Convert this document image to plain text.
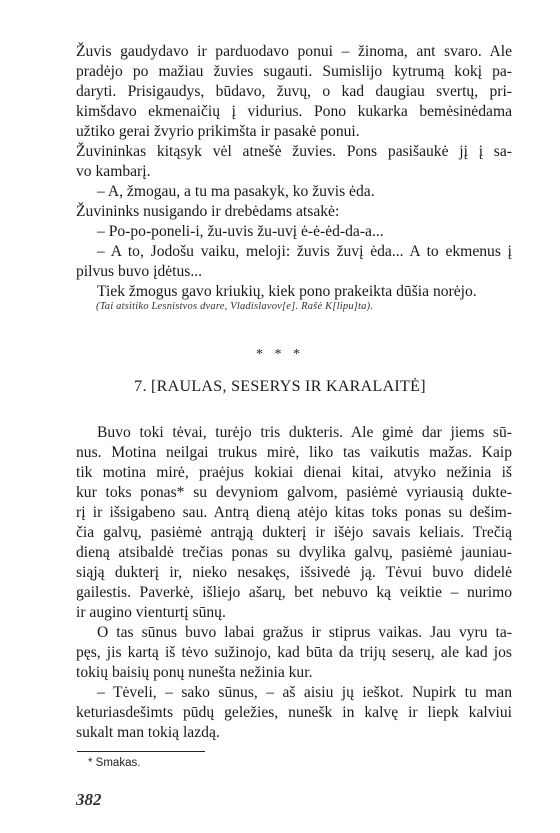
Žuvis gaudydavo ir parduodavo ponui – žinoma, ant svaro. Ale
pradėjo po mažiau žuvies sugauti. Sumislijo kytrumą kokį pa-
daryti. Prisigaudys, būdavo, žuvų, o kad daugiau svertų, pri-
kimšdavo ekmenaičių į vidurius. Pono kukarka bemėsinėdama
užtiko gerai žvyrio prikimšta ir pasakė ponui.
Žuvininkas kitąsyk vėl atnešė žuvies. Pons pasišaukė jį į sa-
vo kambarį.
– A, žmogau, a tu ma pasakyk, ko žuvis ėda.
Žuvininks nusigando ir drebėdams atsakė:
– Po-po-poneli-i, žu-uvis žu-uvį ė-ė-ėd-da-a...
– A to, Jodošu vaiku, meloji: žuvis žuvį ėda... A to ekmenus į
pilvus buvo įdėtus...
Tiek žmogus gavo kriukių, kiek pono prakeikta dūšia norėjo.
(Tai atsitiko Lesnistvos dvare, Vladislavov[e]. Rašė K[lipu]ta).
* * *
7. [RAULAS, SESERYS IR KARALAITĖ]
Buvo toki tėvai, turėjo tris dukteris. Ale gimė dar jiems sū-
nus. Motina neilgai trukus mirė, liko tas vaikutis mažas. Kaip
tik motina mirė, praėjus kokiai dienai kitai, atvyko nežinia iš
kur toks ponas* su devyniom galvom, pasiėmė vyriausią dukte-
rį ir išsigabeno sau. Antrą dieną atėjo kitas toks ponas su dešim-
čia galvų, pasiėmė antrąją dukterį ir išėjo savais keliais. Trečią
dieną atsibaldė trečias ponas su dvylika galvų, pasiėmė jauniau-
siąją dukterį ir, nieko nesakęs, išsivedė ją. Tėvui buvo didelė
gailestis. Paverkė, išliejo ašarų, bet nebuvo ką veiktie – nurimo
ir augino vienturtį sūnų.
O tas sūnus buvo labai gražus ir stiprus vaikas. Jau vyru ta-
pęs, jis kartą iš tėvo sužinojo, kad būta da trijų seserų, ale kad jos
tokių baisių ponų nunešta nežinia kur.
– Tėveli, – sako sūnus, – aš aisiu jų ieškot. Nupirk tu man
keturiasdešimts pūdų geležies, nunešk in kalvę ir liepk kalviui
sukalt man tokią lazdą.
* Smakas.
382
